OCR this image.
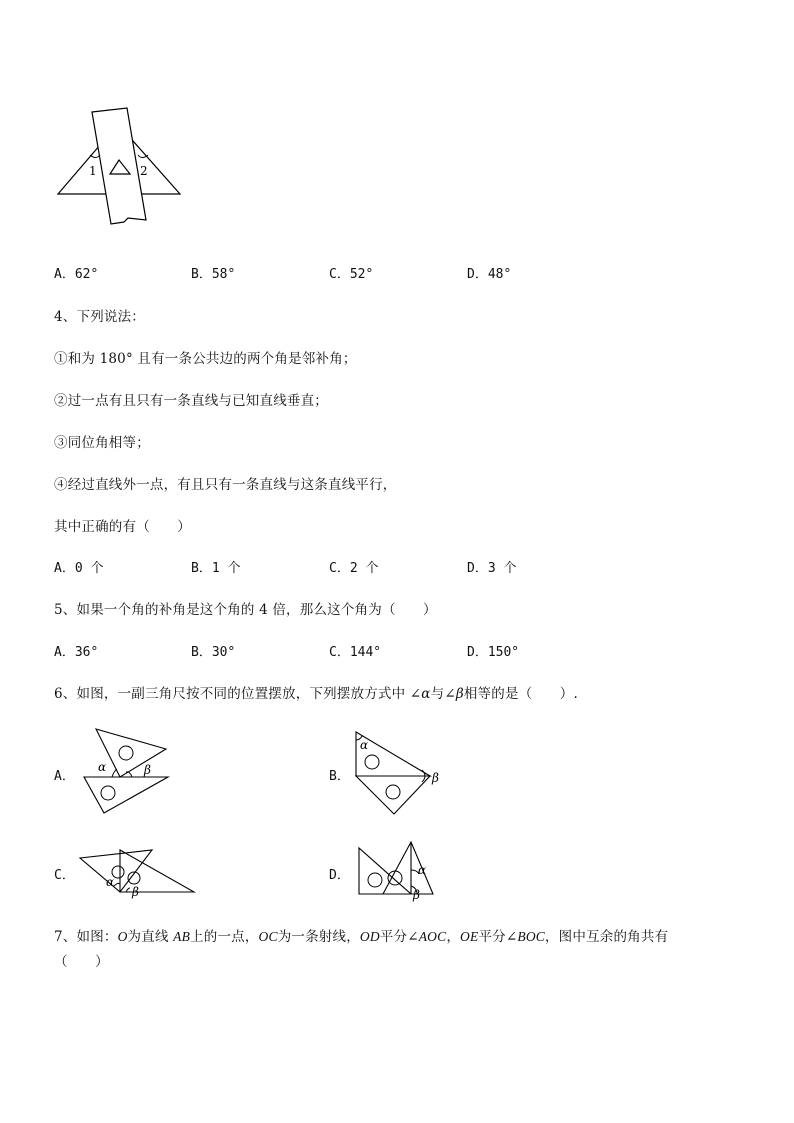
1	2
A．62°	B．58°	C．52°	D．48°
4、下列说法：
①和为 180° 且有一条公共边的两个角是邻补角；
②过一点有且只有一条直线与已知直线垂直；
③同位角相等；
④经过直线外一点，有且只有一条直线与这条直线平行，
其中正确的有（　　）
A．0 个	B．1 个	C．2 个	D．3 个
5、如果一个角的补角是这个角的 4 倍，那么这个角为（　　）
A．36°	B．30°	C．144°	D．150°
6、如图，一副三角尺按不同的位置摆放，下列摆放方式中 ∠α与∠β相等的是（　　）.
A．
α	β	B．
α
β
C．	α
β
D．	α
β
7、如图：O为直线 AB上的一点，OC为一条射线，OD平分∠AOC，OE平分∠BOC，图中互余的角共有
（　　）
